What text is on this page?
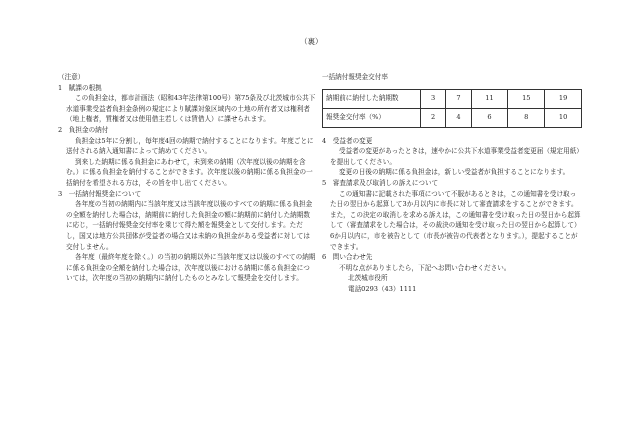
（裏）

（注意）

1　賦課の根拠

この負担金は，都市計画法（昭和43年法律第100号）第75条及び北茨城市公共下水道事業受益者負担金条例の規定により賦課対象区域内の土地の所有者又は権利者（地上権者，質権者又は使用借主若しくは賃借人）に課せられます。

2　負担金の納付

負担金は5年に分割し，毎年度4回の納期で納付することになります。年度ごとに送付される納入通知書によって納めてください。

到来した納期に係る負担金にあわせて，未到来の納期（次年度以後の納期を含む。）に係る負担金を納付することができます。次年度以後の納期に係る負担金の一括納付を希望される方は，その旨を申し出てください。

3　一括納付報奨金について

各年度の当初の納期内に当該年度又は当該年度以後のすべての納期に係る負担金の全額を納付した場合は，納期前に納付した負担金の額に納期前に納付した納期数に応じ，一括納付報奨金交付率を乗じて得た額を報奨金として交付します。ただし，国又は地方公共団体が受益者の場合又は未納の負担金がある受益者に対しては交付しません。

各年度（最終年度を除く。）の当初の納期以外に当該年度又は以後のすべての納期に係る負担金の全額を納付した場合は，次年度以後における納期に係る負担金については，次年度の当初の納期内に納付したものとみなして報奨金を交付します。

一括納付報奨金交付率

納期前に納付した納期数	3	7	11	15	19
報奨金交付率（%）	2	4	6	8	10

4　受益者の変更

受益者の変更があったときは，速やかに公共下水道事業受益者変更届（規定用紙）を提出してください。

変更の日後の納期に係る負担金は，新しい受益者が負担することになります。

5　審査請求及び取消しの訴えについて

この通知書に記載された事項について不服があるときは，この通知書を受け取った日の翌日から起算して3か月以内に市長に対して審査請求をすることができます。また，この決定の取消しを求める訴えは，この通知書を受け取った日の翌日から起算して（審査請求をした場合は，その裁決の通知を受け取った日の翌日から起算して）6か月以内に，市を被告として（市長が被告の代表者となります。），提起することができます。

6　問い合わせ先

不明な点がありましたら，下記へお問い合わせください。

北茨城市役所

電話0293（43）1111
